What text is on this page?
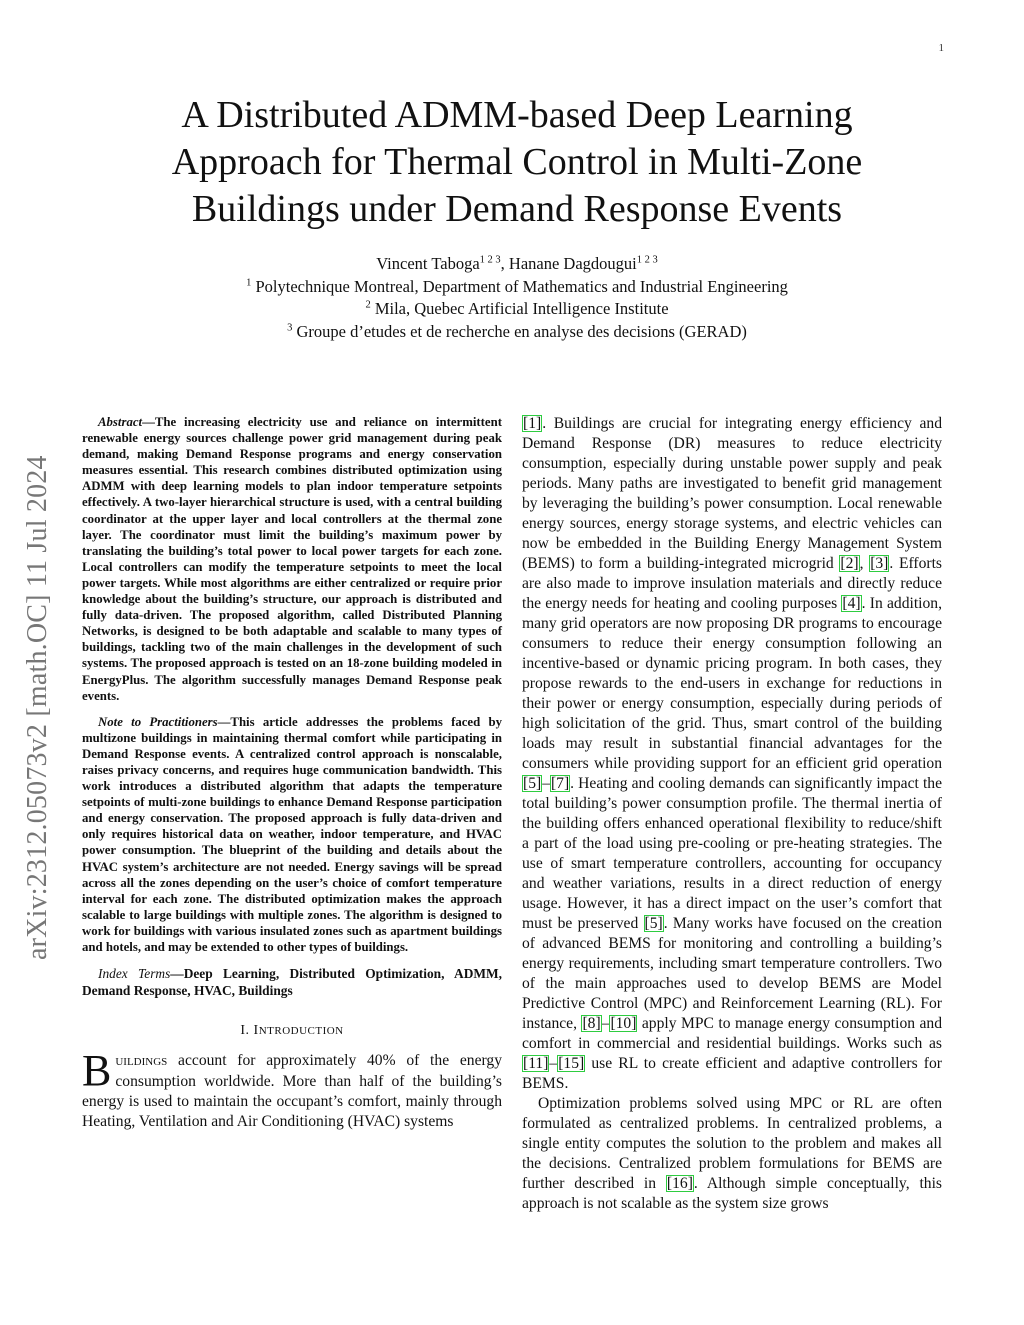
1
arXiv:2312.05073v2 [math.OC] 11 Jul 2024
A Distributed ADMM-based Deep Learning
Approach for Thermal Control in Multi-Zone
Buildings under Demand Response Events
Vincent Taboga$^{1 2 3}$, Hanane Dagdougui$^{1 2 3}$
$^1$ Polytechnique Montreal, Department of Mathematics and Industrial Engineering
$^2$ Mila, Quebec Artificial Intelligence Institute
$^3$ Groupe d’etudes et de recherche en analyse des decisions (GERAD)

Abstract—The increasing electricity use and reliance on intermittent renewable energy sources challenge power grid management during peak demand, making Demand Response programs and energy conservation measures essential. This research combines distributed optimization using ADMM with deep learning models to plan indoor temperature setpoints effectively. A two-layer hierarchical structure is used, with a central building coordinator at the upper layer and local controllers at the thermal zone layer. The coordinator must limit the building’s maximum power by translating the building’s total power to local power targets for each zone. Local controllers can modify the temperature setpoints to meet the local power targets. While most algorithms are either centralized or require prior knowledge about the building’s structure, our approach is distributed and fully data-driven. The proposed algorithm, called Distributed Planning Networks, is designed to be both adaptable and scalable to many types of buildings, tackling two of the main challenges in the development of such systems. The proposed approach is tested on an 18-zone building modeled in EnergyPlus. The algorithm successfully manages Demand Response peak events.

Note to Practitioners—This article addresses the problems faced by multizone buildings in maintaining thermal comfort while participating in Demand Response events. A centralized control approach is nonscalable, raises privacy concerns, and requires huge communication bandwidth. This work introduces a distributed algorithm that adapts the temperature setpoints of multi-zone buildings to enhance Demand Response participation and energy conservation. The proposed approach is fully data-driven and only requires historical data on weather, indoor temperature, and HVAC power consumption. The blueprint of the building and details about the HVAC system’s architecture are not needed. Energy savings will be spread across all the zones depending on the user’s choice of comfort temperature interval for each zone. The distributed optimization makes the approach scalable to large buildings with multiple zones. The algorithm is designed to work for buildings with various insulated zones such as apartment buildings and hotels, and may be extended to other types of buildings.

Index Terms—Deep Learning, Distributed Optimization, ADMM, Demand Response, HVAC, Buildings

I. INTRODUCTION

BUILDINGS account for approximately 40% of the energy consumption worldwide. More than half of the building’s energy is used to maintain the occupant’s comfort, mainly through Heating, Ventilation and Air Conditioning (HVAC) systems

[1]. Buildings are crucial for integrating energy efficiency and Demand Response (DR) measures to reduce electricity consumption, especially during unstable power supply and peak periods. Many paths are investigated to benefit grid management by leveraging the building’s power consumption. Local renewable energy sources, energy storage systems, and electric vehicles can now be embedded in the Building Energy Management System (BEMS) to form a building-integrated microgrid [2], [3]. Efforts are also made to improve insulation materials and directly reduce the energy needs for heating and cooling purposes [4]. In addition, many grid operators are now proposing DR programs to encourage consumers to reduce their energy consumption following an incentive-based or dynamic pricing program. In both cases, they propose rewards to the end-users in exchange for reductions in their power or energy consumption, especially during periods of high solicitation of the grid. Thus, smart control of the building loads may result in substantial financial advantages for the consumers while providing support for an efficient grid operation [5]–[7]. Heating and cooling demands can significantly impact the total building’s power consumption profile. The thermal inertia of the building offers enhanced operational flexibility to reduce/shift a part of the load using pre-cooling or pre-heating strategies. The use of smart temperature controllers, accounting for occupancy and weather variations, results in a direct reduction of energy usage. However, it has a direct impact on the user’s comfort that must be preserved [5]. Many works have focused on the creation of advanced BEMS for monitoring and controlling a building’s energy requirements, including smart temperature controllers. Two of the main approaches used to develop BEMS are Model Predictive Control (MPC) and Reinforcement Learning (RL). For instance, [8]–[10] apply MPC to manage energy consumption and comfort in commercial and residential buildings. Works such as [11]–[15] use RL to create efficient and adaptive controllers for BEMS.

Optimization problems solved using MPC or RL are often formulated as centralized problems. In centralized problems, a single entity computes the solution to the problem and makes all the decisions. Centralized problem formulations for BEMS are further described in [16]. Although simple conceptually, this approach is not scalable as the system size grows
